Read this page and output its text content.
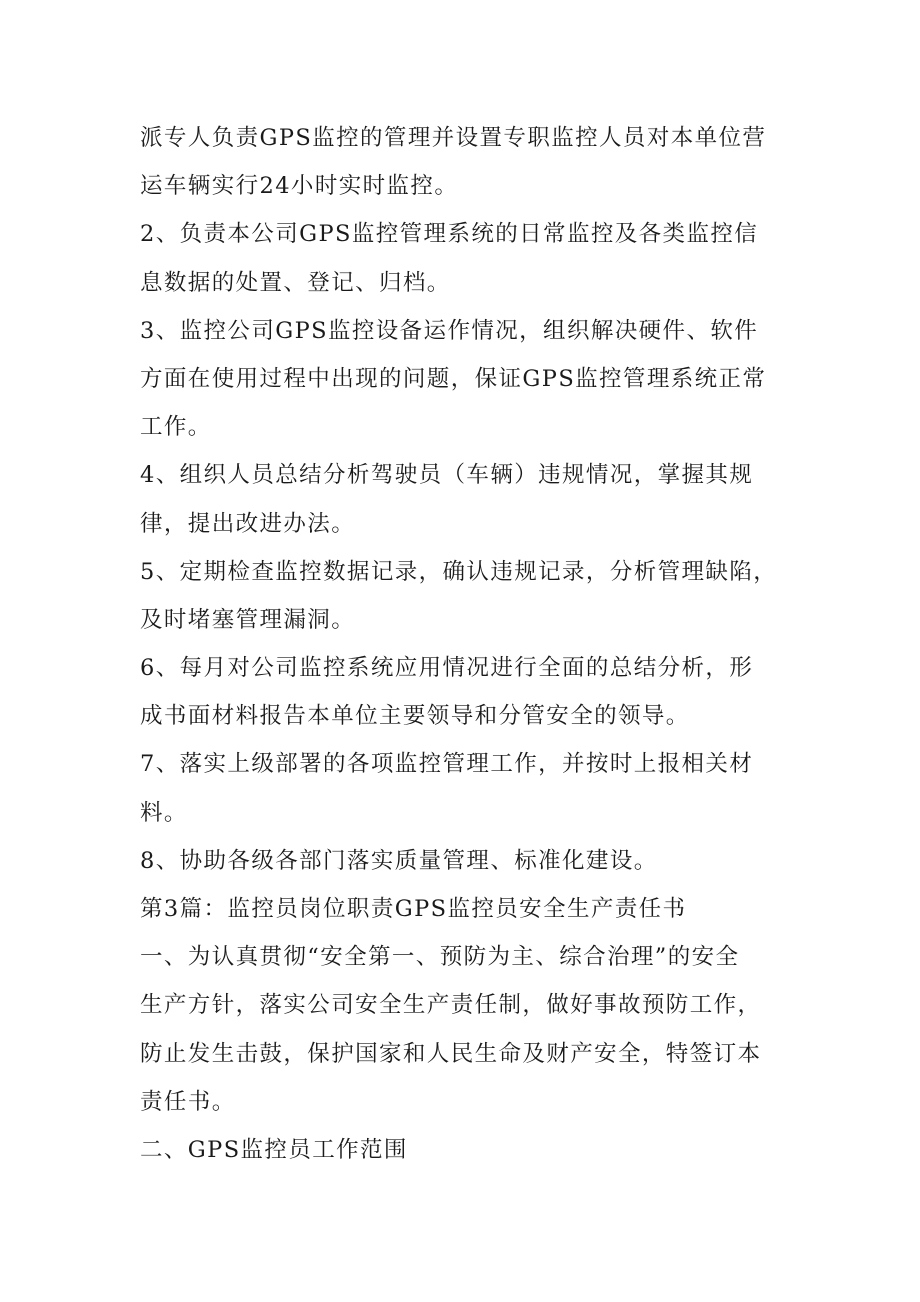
派专人负责GPS监控的管理并设置专职监控人员对本单位营
运车辆实行24小时实时监控。
2、负责本公司GPS监控管理系统的日常监控及各类监控信
息数据的处置、登记、归档。
3、监控公司GPS监控设备运作情况，组织解决硬件、软件
方面在使用过程中出现的问题，保证GPS监控管理系统正常
工作。
4、组织人员总结分析驾驶员（车辆）违规情况，掌握其规
律，提出改进办法。
5、定期检查监控数据记录，确认违规记录，分析管理缺陷，
及时堵塞管理漏洞。
6、每月对公司监控系统应用情况进行全面的总结分析，形
成书面材料报告本单位主要领导和分管安全的领导。
7、落实上级部署的各项监控管理工作，并按时上报相关材
料。
8、协助各级各部门落实质量管理、标准化建设。
第3篇：监控员岗位职责GPS监控员安全生产责任书
一、为认真贯彻“安全第一、预防为主、综合治理”的安全
生产方针，落实公司安全生产责任制，做好事故预防工作，
防止发生击鼓，保护国家和人民生命及财产安全，特签订本
责任书。
二、GPS监控员工作范围
